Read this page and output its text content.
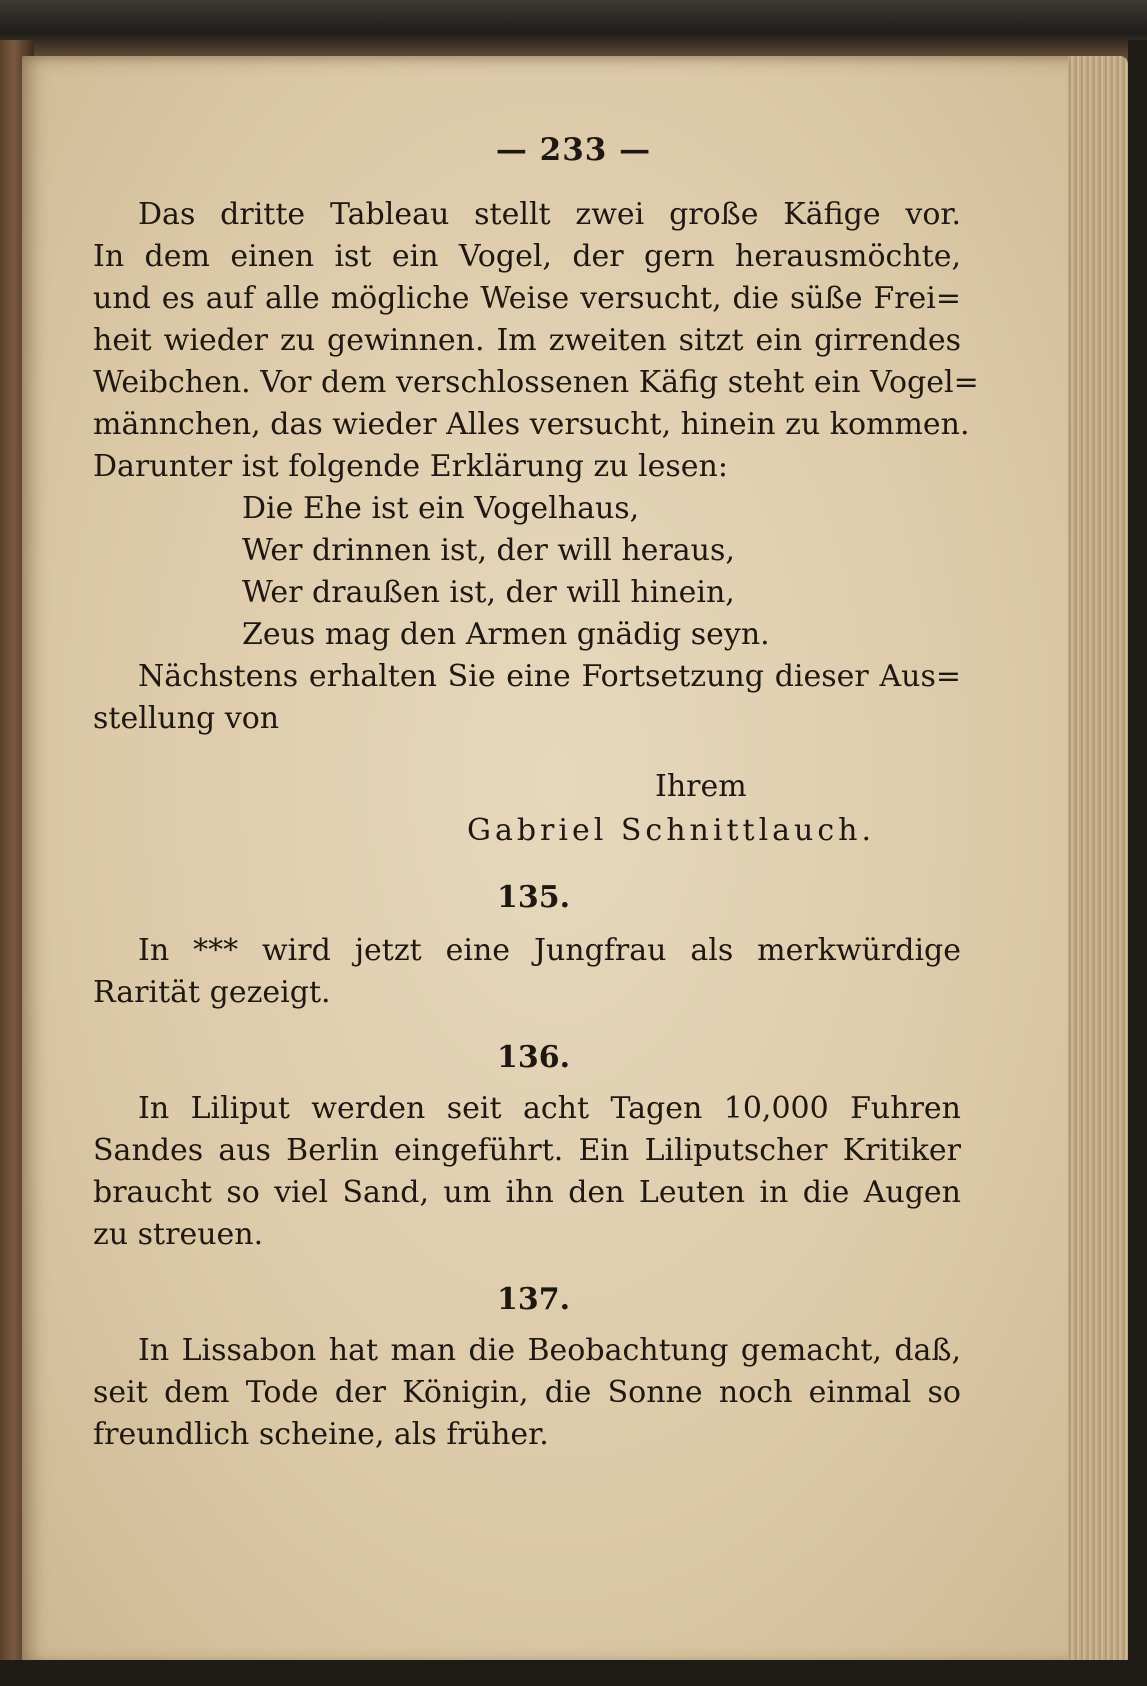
— 233 —

Das dritte Tableau stellt zwei große Käfige vor.

In dem einen ist ein Vogel, der gern herausmöchte,

und es auf alle mögliche Weise versucht, die süße Frei=

heit wieder zu gewinnen. Im zweiten sitzt ein girrendes

Weibchen. Vor dem verschlossenen Käfig steht ein Vogel=

männchen, das wieder Alles versucht, hinein zu kommen.

Darunter ist folgende Erklärung zu lesen:

Die Ehe ist ein Vogelhaus,

Wer drinnen ist, der will heraus,

Wer draußen ist, der will hinein,

Zeus mag den Armen gnädig seyn.

Nächstens erhalten Sie eine Fortsetzung dieser Aus=

stellung von

Ihrem

Gabriel Schnittlauch.

135.

In *** wird jetzt eine Jungfrau als merkwürdige

Rarität gezeigt.

136.

In Liliput werden seit acht Tagen 10,000 Fuhren

Sandes aus Berlin eingeführt. Ein Liliputscher Kritiker

braucht so viel Sand, um ihn den Leuten in die Augen

zu streuen.

137.

In Lissabon hat man die Beobachtung gemacht, daß,

seit dem Tode der Königin, die Sonne noch einmal so

freundlich scheine, als früher.
